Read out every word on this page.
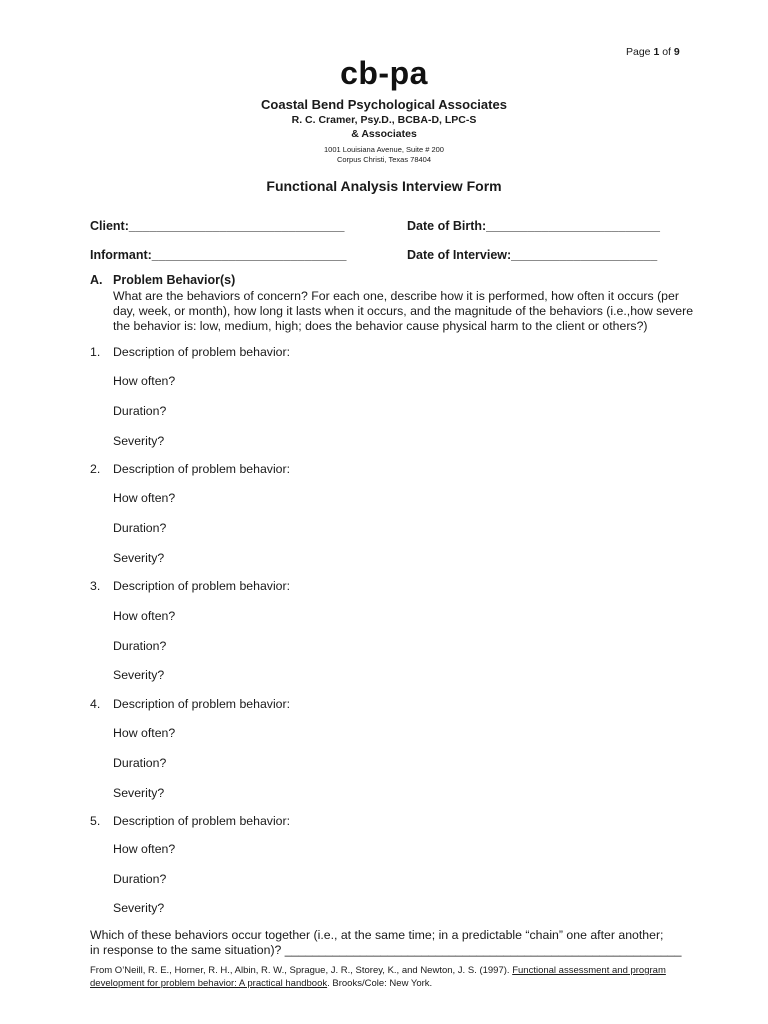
Page 1 of 9
cb-pa
Coastal Bend Psychological Associates
R. C. Cramer, Psy.D., BCBA-D, LPC-S
& Associates
1001 Louisiana Avenue, Suite # 200
Corpus Christi, Texas 78404
Functional Analysis Interview Form
Client:_______________________________	Date of Birth:_________________________
Informant:____________________________	Date of Interview:_____________________
A. Problem Behavior(s)
What are the behaviors of concern? For each one, describe how it is performed, how often it occurs (per day, week, or month), how long it lasts when it occurs, and the magnitude of the behaviors (i.e.,how severe the behavior is: low, medium, high; does the behavior cause physical harm to the client or others?)
1. Description of problem behavior:
How often?
Duration?
Severity?
2. Description of problem behavior:
How often?
Duration?
Severity?
3. Description of problem behavior:
How often?
Duration?
Severity?
4. Description of problem behavior:
How often?
Duration?
Severity?
5. Description of problem behavior:
How often?
Duration?
Severity?
Which of these behaviors occur together (i.e., at the same time; in a predictable “chain” one after another;
in response to the same situation)? __________________________________________________________
From O’Neill, R. E., Horner, R. H., Albin, R. W., Sprague, J. R., Storey, K., and Newton, J. S. (1997). Functional assessment and program development for problem behavior: A practical handbook. Brooks/Cole: New York.
